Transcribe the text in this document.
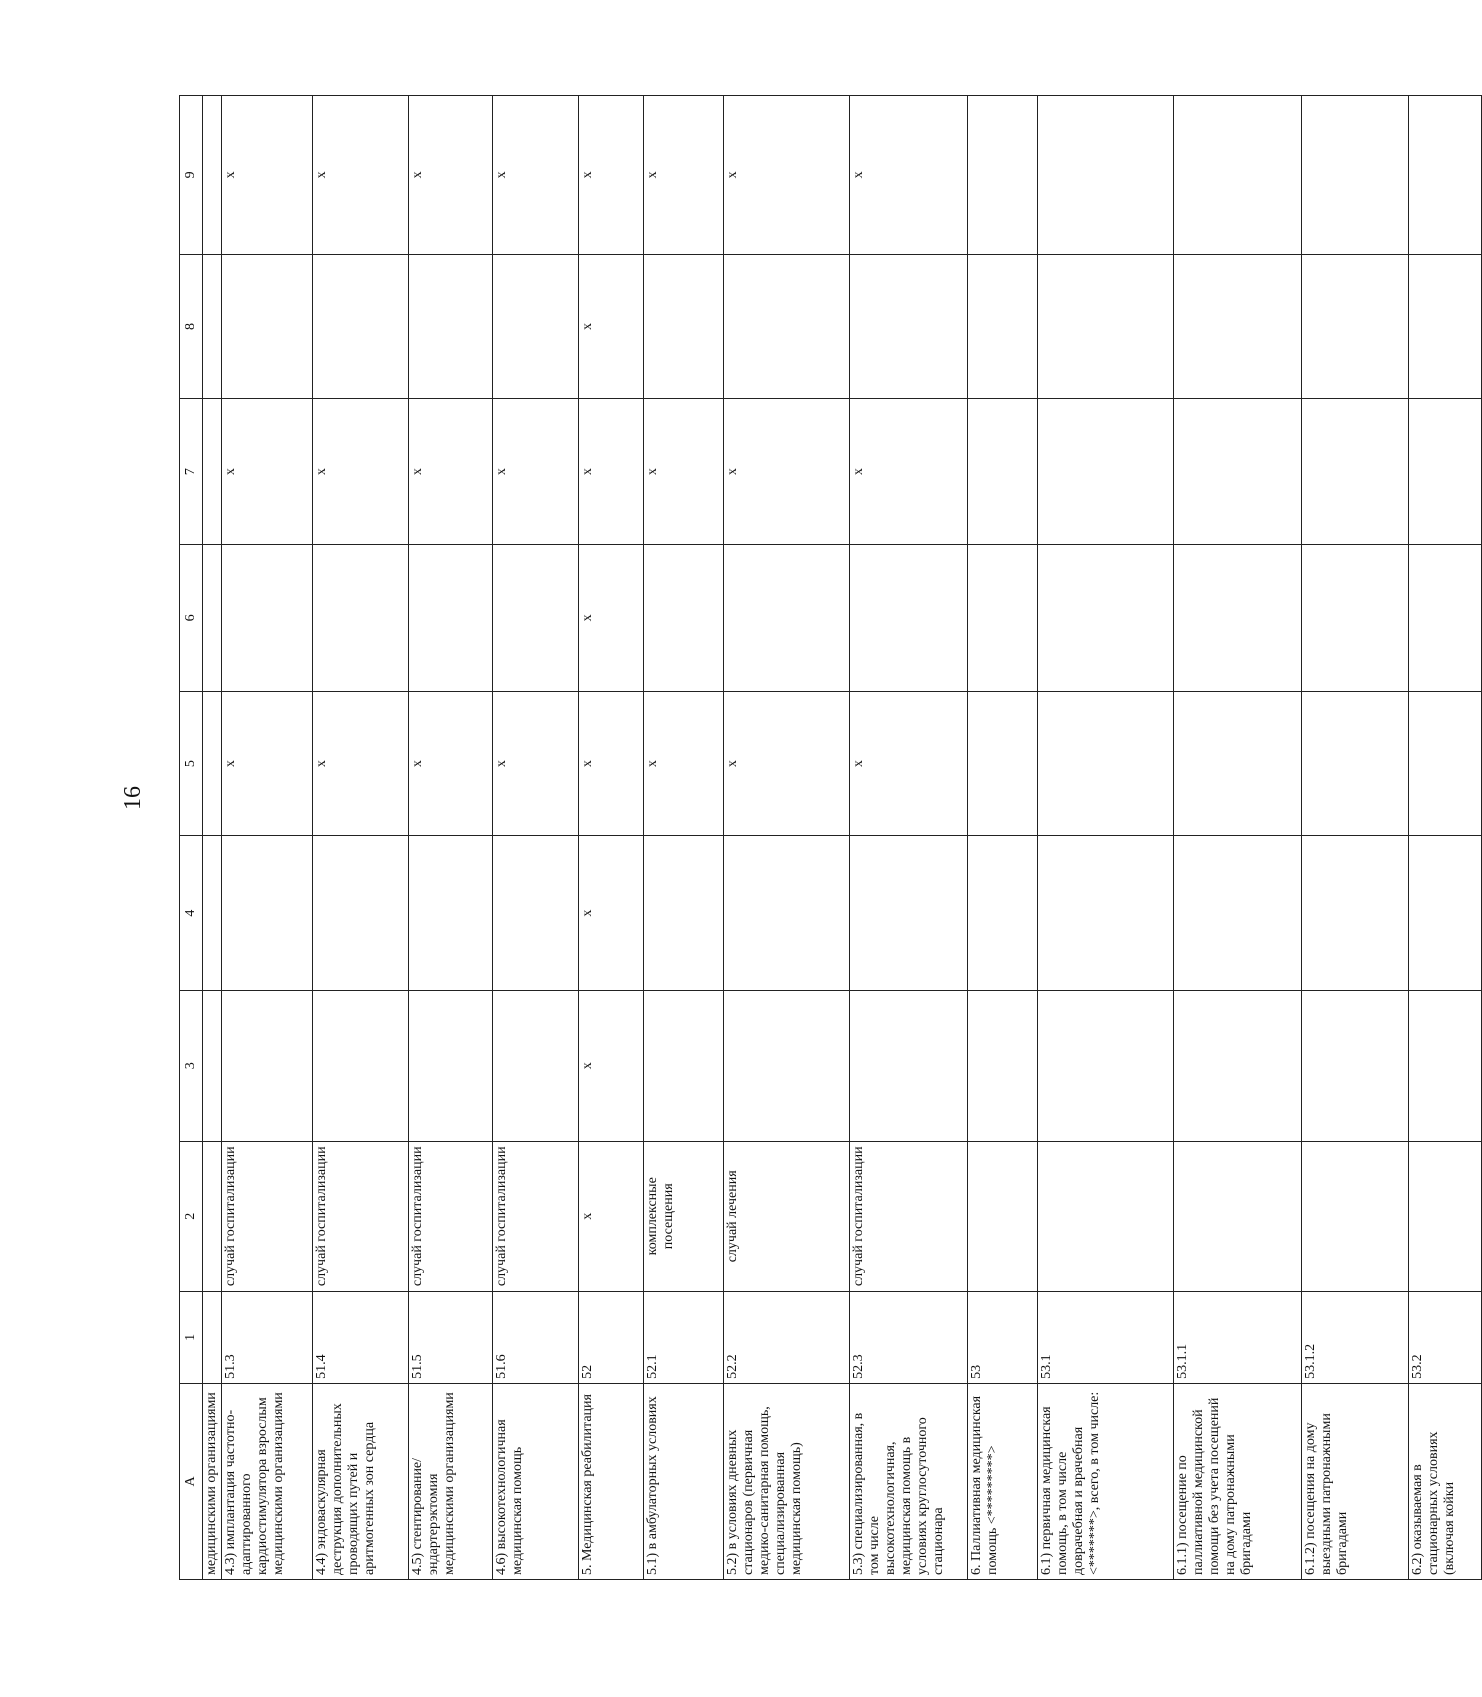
16
A	1	2	3	4	5	6	7	8	9
медицинскими организациями									
4.3) имплантация частотно-адаптированного кардиостимулятора взрослым медицинскими организациями	51.3	случай госпитализации			x		x		x
4.4) эндоваскулярная деструкция дополнительных проводящих путей и аритмогенных зон сердца	51.4	случай госпитализации			x		x		x
4.5) стентирование/ эндартерэктомия медицинскими организациями	51.5	случай госпитализации			x		x		x
4.6) высокотехнологичная медицинская помощь	51.6	случай госпитализации			x		x		x
5. Медицинская реабилитация	52	x	x	x	x	x	x	x	x
5.1) в амбулаторных условиях	52.1	комплексные посещения			x		x		x
5.2) в условиях дневных стационаров (первичная медико-санитарная помощь, специализированная медицинская помощь)	52.2	случай лечения			x		x		x
5.3) специализированная, в том числе высокотехнологичная, медицинская помощь в условиях круглосуточного стационара	52.3	случай госпитализации			x		x		x
6. Паллиативная медицинская помощь <*********>	53								
6.1) первичная медицинская помощь, в том числе доврачебная и врачебная <*******>, всего, в том числе:	53.1								
6.1.1) посещение по паллиативной медицинской помощи без учета посещений на дому патронажными бригадами	53.1.1								
6.1.2) посещения на дому выездными патронажными бригадами	53.1.2								
6.2) оказываемая в стационарных условиях (включая койки	53.2								
